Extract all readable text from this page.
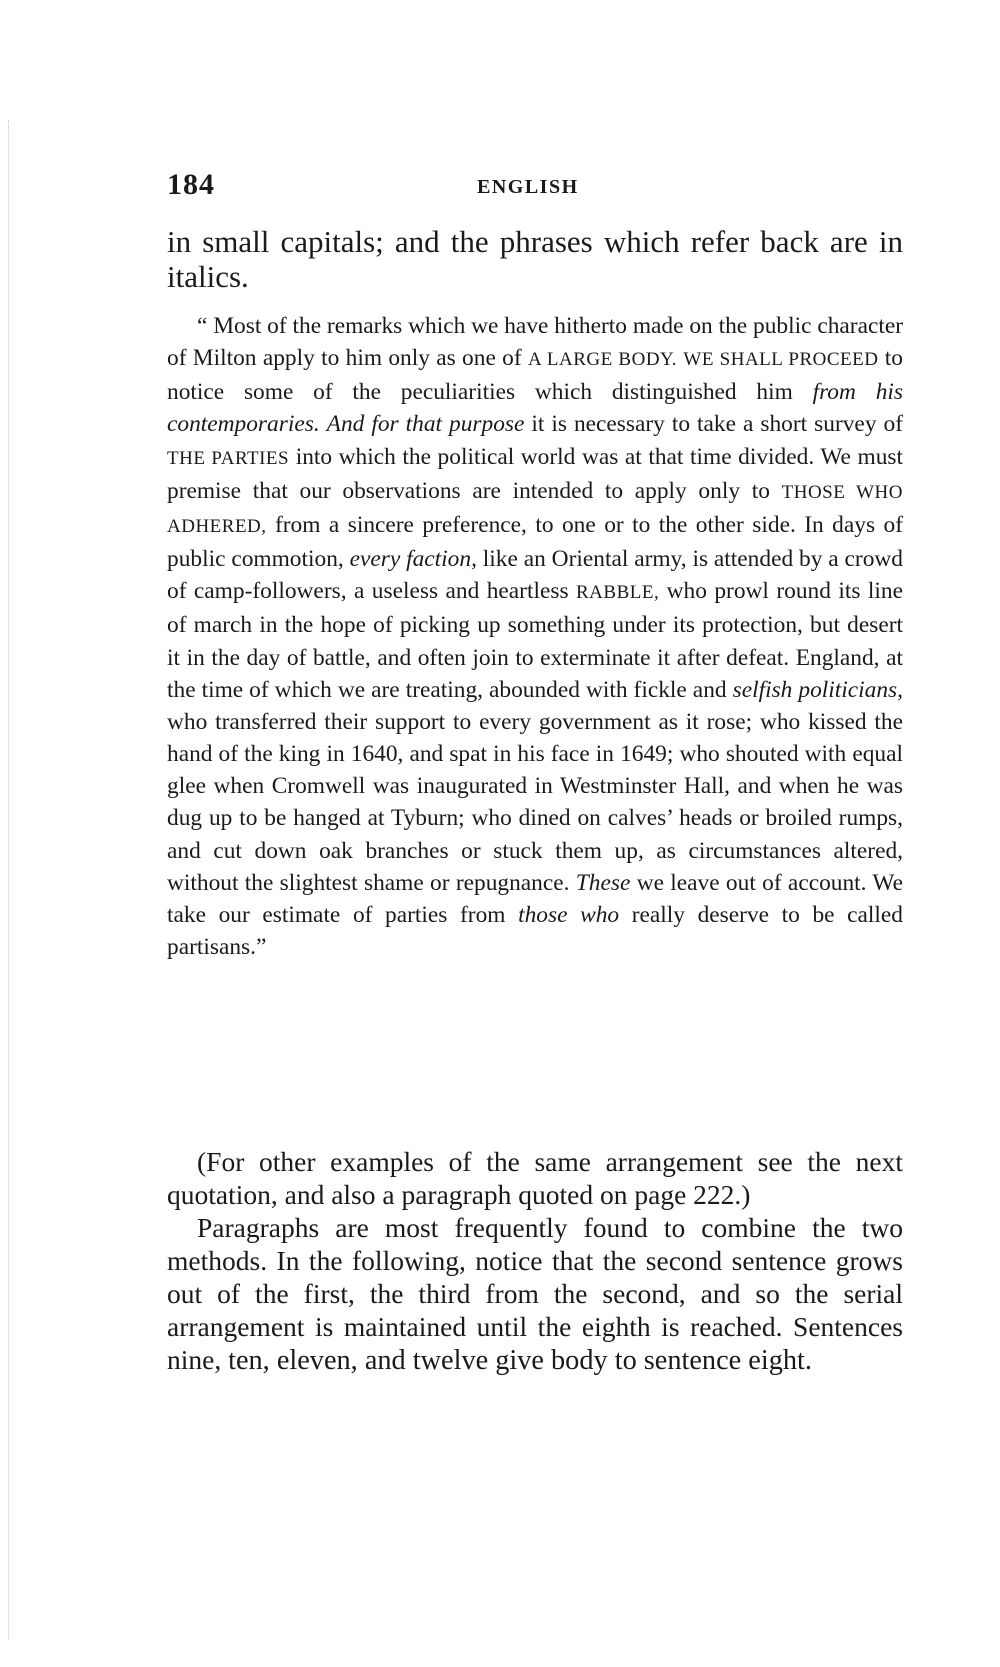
184	ENGLISH

in small capitals; and the phrases which refer back are in italics.

“ Most of the remarks which we have hitherto made on the public character of Milton apply to him only as one of A LARGE BODY. WE SHALL PROCEED to notice some of the peculiarities which distinguished him from his contemporaries. And for that purpose it is necessary to take a short survey of THE PARTIES into which the political world was at that time divided. We must premise that our observations are intended to apply only to THOSE WHO ADHERED, from a sincere preference, to one or to the other side. In days of public commotion, every faction, like an Oriental army, is attended by a crowd of camp-followers, a useless and heartless RABBLE, who prowl round its line of march in the hope of picking up something under its protection, but desert it in the day of battle, and often join to exterminate it after defeat. England, at the time of which we are treating, abounded with fickle and selfish politicians, who transferred their support to every government as it rose; who kissed the hand of the king in 1640, and spat in his face in 1649; who shouted with equal glee when Cromwell was inaugurated in Westminster Hall, and when he was dug up to be hanged at Tyburn; who dined on calves’ heads or broiled rumps, and cut down oak branches or stuck them up, as circumstances altered, without the slightest shame or repugnance. These we leave out of account. We take our estimate of parties from those who really deserve to be called partisans.”

(For other examples of the same arrangement see the next quotation, and also a paragraph quoted on page 222.)

Paragraphs are most frequently found to combine the two methods. In the following, notice that the second sentence grows out of the first, the third from the second, and so the serial arrangement is maintained until the eighth is reached. Sentences nine, ten, eleven, and twelve give body to sentence eight.
